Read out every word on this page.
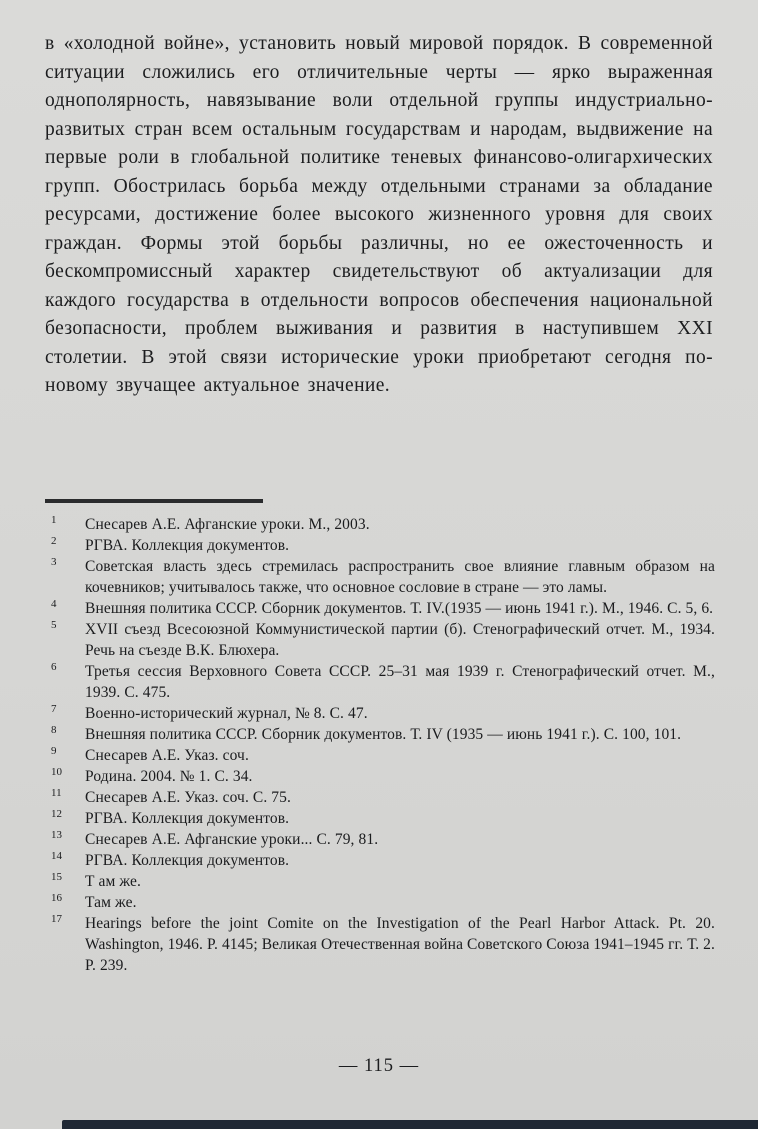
в «холодной войне», установить новый мировой порядок. В современной ситуации сложились его отличительные черты — ярко выраженная однополярность, навязывание воли отдельной группы индустриально-развитых стран всем остальным государствам и народам, выдвижение на первые роли в глобальной политике теневых финансово-олигархических групп. Обострилась борьба между отдельными странами за обладание ресурсами, достижение более высокого жизненного уровня для своих граждан. Формы этой борьбы различны, но ее ожесточенность и бескомпромиссный характер свидетельствуют об актуализации для каждого государства в отдельности вопросов обеспечения национальной безопасности, проблем выживания и развития в наступившем XXI столетии. В этой связи исторические уроки приобретают сегодня по-новому звучащее актуальное значение.

1	Снесарев А.Е. Афганские уроки. М., 2003.
2	РГВА. Коллекция документов.
3	Советская власть здесь стремилась распространить свое влияние главным образом на кочевников; учитывалось также, что основное сословие в стране — это ламы.
4	Внешняя политика СССР. Сборник документов. Т. IV.(1935 — июнь 1941 г.). М., 1946. С. 5, 6.
5	XVII съезд Всесоюзной Коммунистической партии (б). Стенографический отчет. М., 1934. Речь на съезде В.К. Блюхера.
6	Третья сессия Верховного Совета СССР. 25–31 мая 1939 г. Стенографический отчет. М., 1939. С. 475.
7	Военно-исторический журнал, № 8. С. 47.
8	Внешняя политика СССР. Сборник документов. Т. IV (1935 — июнь 1941 г.). С. 100, 101.
9	Снесарев А.Е. Указ. соч.
10	Родина. 2004. № 1. С. 34.
11	Снесарев А.Е. Указ. соч. С. 75.
12	РГВА. Коллекция документов.
13	Снесарев А.Е. Афганские уроки... С. 79, 81.
14	РГВА. Коллекция документов.
15	Т ам же.
16	Там же.
17	Hearings before the joint Comite on the Investigation of the Pearl Harbor Attack. Pt. 20. Washington, 1946. P. 4145; Великая Отечественная война Советского Союза 1941–1945 гг. Т. 2. P. 239.
— 115 —
